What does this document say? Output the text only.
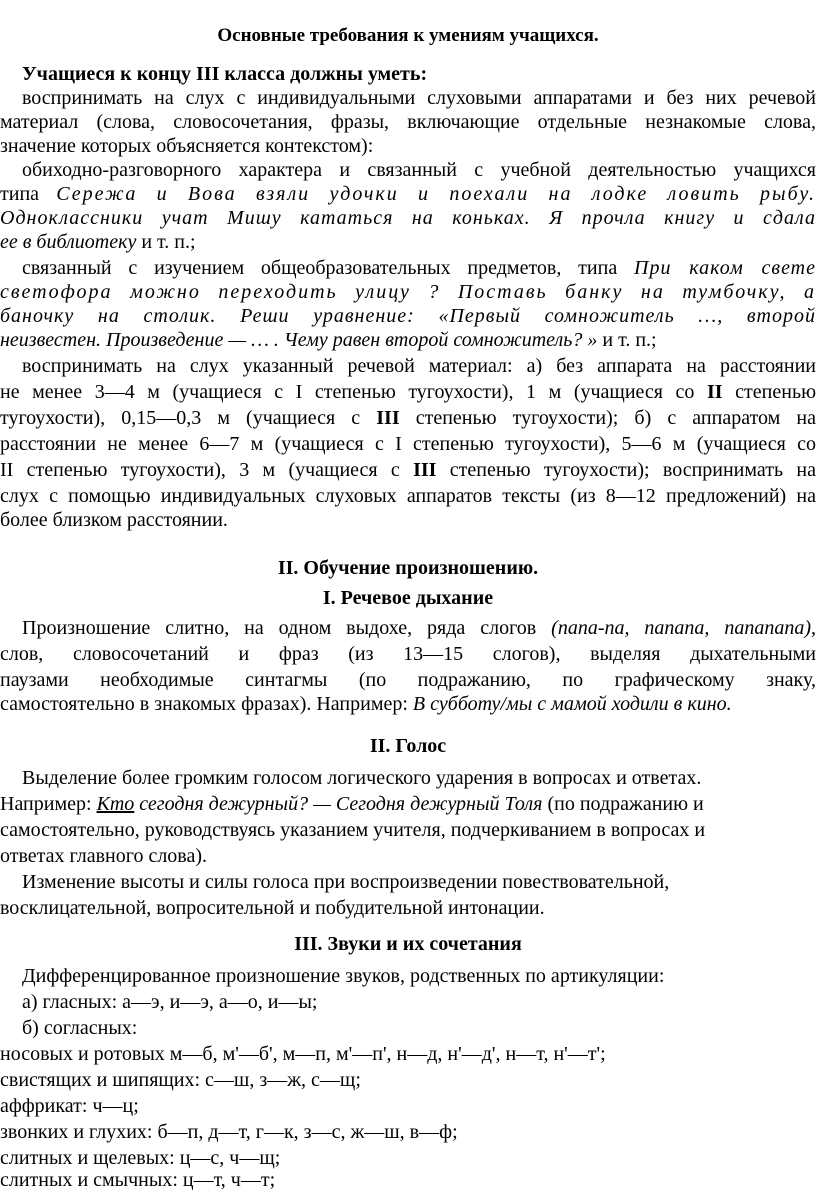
Основные требования к умениям учащихся.
Учащиеся к концу III класса должны уметь:
воспринимать на слух с индивидуальными слуховыми аппаратами и без них речевой
материал (слова, словосочетания, фразы, включающие отдельные незнакомые слова,
значение которых объясняется контекстом):
обиходно-разговорного характера и связанный с учебной деятельностью учащихся
типа Сережа и Вова взяли удочки и поехали на лодке ловить рыбу.
Одноклассники учат Мишу кататься на коньках. Я прочла книгу и сдала
ее в библиотеку и т. п.;
связанный с изучением общеобразовательных предметов, типа При каком свете
светофора можно переходить улицу ? Поставь банку на тумбочку, а
баночку на столик. Реши уравнение: «Первый сомножитель …, второй
неизвестен. Произведение — … . Чему равен второй сомножитель? » и т. п.;
воспринимать на слух указанный речевой материал: а) без аппарата на расстоянии
не менее 3—4 м (учащиеся с I степенью тугоухости), 1 м (учащиеся со II степенью
тугоухости), 0,15—0,3 м (учащиеся с III степенью тугоухости); б) с аппаратом на
расстоянии не менее 6—7 м (учащиеся с I степенью тугоухости), 5—6 м (учащиеся со
II степенью тугоухости), 3 м (учащиеся с III степенью тугоухости); воспринимать на
слух с помощью индивидуальных слуховых аппаратов тексты (из 8—12 предложений) на
более близком расстоянии.
II. Обучение произношению.
I. Речевое дыхание
Произношение слитно, на одном выдохе, ряда слогов (папа-па, папапа, папапапа),
слов, словосочетаний и фраз (из 13—15 слогов), выделяя дыхательными
паузами необходимые синтагмы (по подражанию, по графическому знаку,
самостоятельно в знакомых фразах). Например: В субботу/мы с мамой ходили в кино.
II. Голос
Выделение более громким голосом логического ударения в вопросах и ответах.
Например: Кто сегодня дежурный? — Сегодня дежурный Толя (по подражанию и
самостоятельно, руководствуясь указанием учителя, подчеркиванием в вопросах и
ответах главного слова).
Изменение высоты и силы голоса при воспроизведении повествовательной,
восклицательной, вопросительной и побудительной интонации.
III. Звуки и их сочетания
Дифференцированное произношение звуков, родственных по артикуляции:
а) гласных: а—э, и—э, а—о, и—ы;
б) согласных:
носовых и ротовых м—б, м'—б', м—п, м'—п', н—д, н'—д', н—т, н'—т';
свистящих и шипящих: с—ш, з—ж, с—щ;
аффрикат: ч—ц;
звонких и глухих: б—п, д—т, г—к, з—с, ж—ш, в—ф;
слитных и щелевых: ц—с, ч—щ;
слитных и смычных: ц—т, ч—т;
